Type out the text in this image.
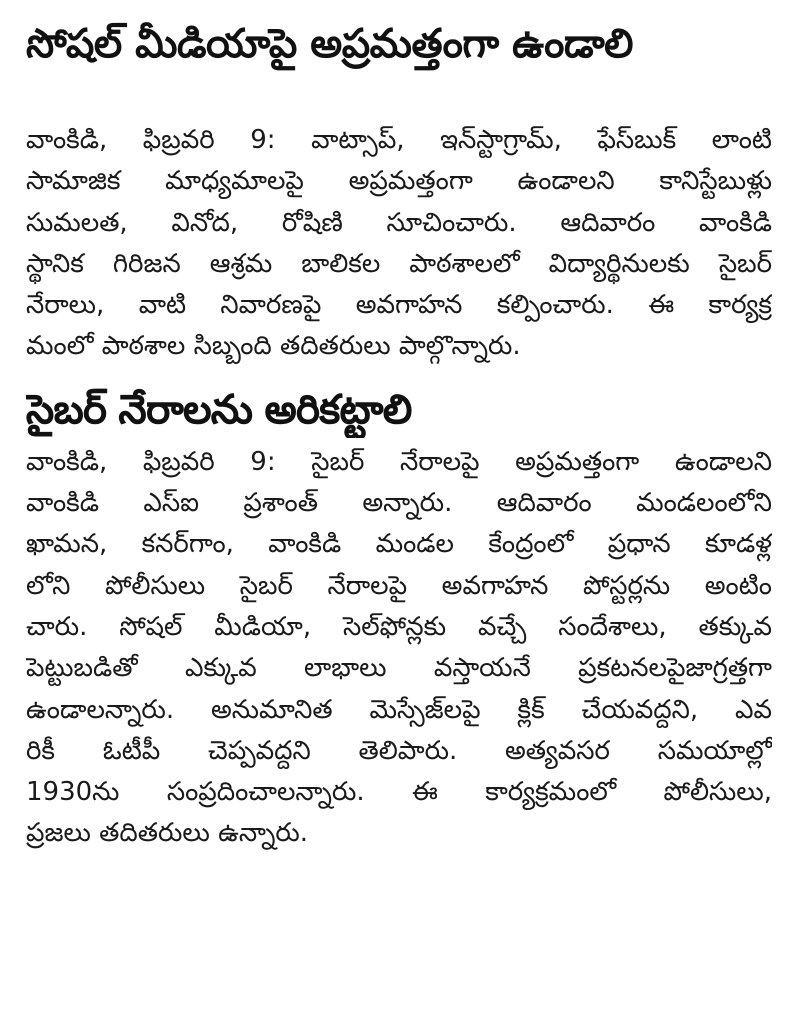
సోషల్ మీడియాపై అప్రమత్తంగా ఉండాలి
వాంకిడి, ఫిబ్రవరి 9: వాట్సాప్, ఇన్‌స్టాగ్రామ్, ఫేస్‌బుక్ లాంటి
సామాజిక మాధ్యమాలపై అప్రమత్తంగా ఉండాలని కానిస్టేబుళ్లు
సుమలత, వినోద, రోషిణి సూచించారు. ఆదివారం వాంకిడి
స్థానిక గిరిజన ఆశ్రమ బాలికల పాఠశాలలో విద్యార్థినులకు సైబర్
నేరాలు, వాటి నివారణపై అవగాహన కల్పించారు. ఈ కార్యక్ర
మంలో పాఠశాల సిబ్బంది తదితరులు పాల్గొన్నారు.
సైబర్ నేరాలను అరికట్టాలి
వాంకిడి, ఫిబ్రవరి 9: సైబర్ నేరాలపై అప్రమత్తంగా ఉండాలని
వాంకిడి ఎస్ఐ ప్రశాంత్ అన్నారు. ఆదివారం మండలంలోని
ఖామన, కనర్‌గాం, వాంకిడి మండల కేంద్రంలో ప్రధాన కూడళ్ల
లోని పోలీసులు సైబర్ నేరాలపై అవగాహన పోస్టర్లను అంటిం
చారు. సోషల్ మీడియా, సెల్‌ఫోన్లకు వచ్చే సందేశాలు, తక్కువ
పెట్టుబడితో ఎక్కువ లాభాలు వస్తాయనే ప్రకటనలపైజాగ్రత్తగా
ఉండాలన్నారు. అనుమానిత మెస్సేజ్‌లపై క్లిక్ చేయవద్దని, ఎవ
రికీ ఓటీపీ చెప్పవద్దని తెలిపారు. అత్యవసర సమయాల్లో
1930ను సంప్రదించాలన్నారు. ఈ కార్యక్రమంలో పోలీసులు,
ప్రజలు తదితరులు ఉన్నారు.
